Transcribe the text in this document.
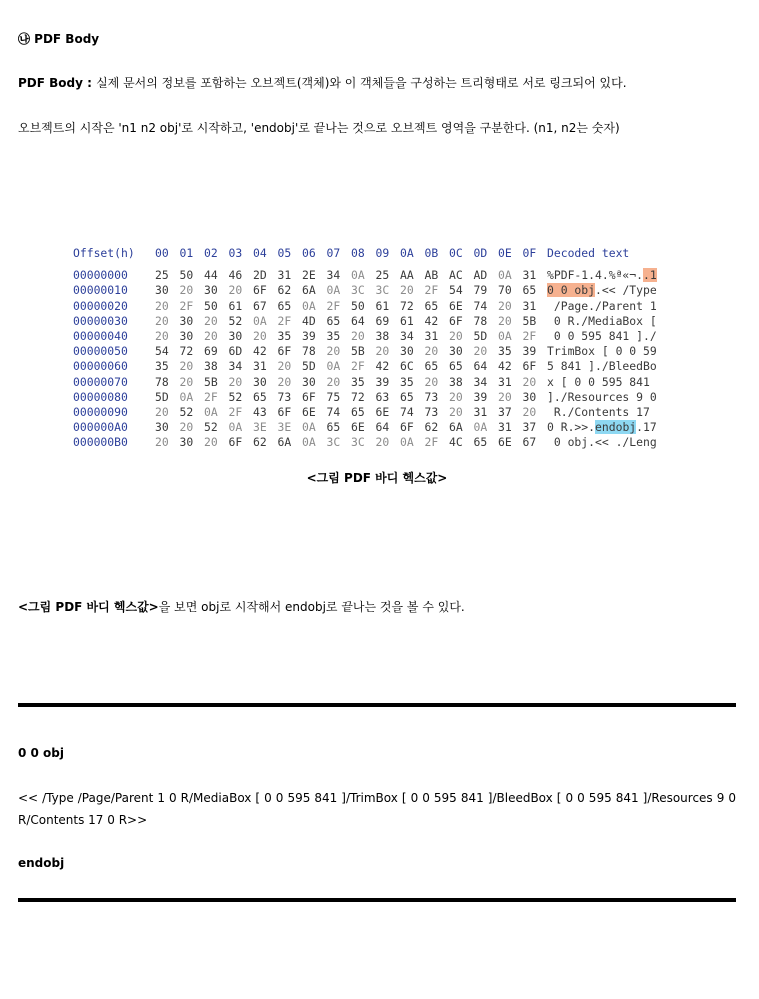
㉯ PDF Body
PDF Body : 실제 문서의 정보를 포함하는 오브젝트(객체)와 이 객체들을 구성하는 트리형태로 서로 링크되어 있다.
오브젝트의 시작은 'n1 n2 obj'로 시작하고, 'endobj'로 끝나는 것으로 오브젝트 영역을 구분한다. (n1, n2는 숫자)
Offset(h)	00 01 02 03 04 05 06 07 08 09 0A 0B 0C 0D 0E 0F Decoded text
00000000	25 50 44 46 2D 31 2E 34 0A 25 AA AB AC AD 0A 31 %PDF-1.4.%ª«¬..1
00000010	30 20 30 20 6F 62 6A 0A 3C 3C 20 2F 54 79 70 65 0 0 obj.<< /Type
00000020	20 2F 50 61 67 65 0A 2F 50 61 72 65 6E 74 20 31 /Page./Parent 1
00000030	20 30 20 52 0A 2F 4D 65 64 69 61 42 6F 78 20 5B 0 R./MediaBox [
00000040	20 30 20 30 20 35 39 35 20 38 34 31 20 5D 0A 2F 0 0 595 841 ]./
00000050	54 72 69 6D 42 6F 78 20 5B 20 30 20 30 20 35 39 TrimBox [ 0 0 59
00000060	35 20 38 34 31 20 5D 0A 2F 42 6C 65 65 64 42 6F 5 841 ]./BleedBo
00000070	78 20 5B 20 30 20 30 20 35 39 35 20 38 34 31 20 x [ 0 0 595 841
00000080	5D 0A 2F 52 65 73 6F 75 72 63 65 73 20 39 20 30 ]./Resources 9 0
00000090	20 52 0A 2F 43 6F 6E 74 65 6E 74 73 20 31 37 20 R./Contents 17
000000A0	30 20 52 0A 3E 3E 0A 65 6E 64 6F 62 6A 0A 31 37 0 R.>>.endobj.17
000000B0	20 30 20 6F 62 6A 0A 3C 3C 20 0A 2F 4C 65 6E 67 0 obj.<< ./Leng
<그림 PDF 바디 헥스값>
<그림 PDF 바디 헥스값>을 보면 obj로 시작해서 endobj로 끝나는 것을 볼 수 있다.
0 0 obj
<< /Type /Page/Parent 1 0 R/MediaBox [ 0 0 595 841 ]/TrimBox [ 0 0 595 841 ]/BleedBox [ 0 0 595 841 ]/Resources 9 0 R/Contents 17 0 R>>
endobj
